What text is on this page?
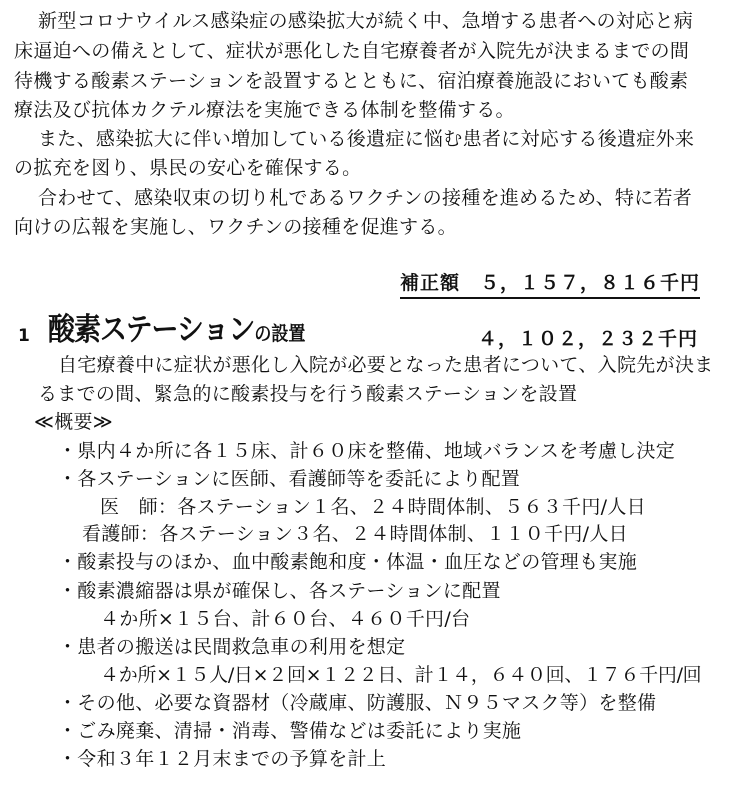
新型コロナウイルス感染症の感染拡大が続く中、急増する患者への対応と病
床逼迫への備えとして、症状が悪化した自宅療養者が入院先が決まるまでの間
待機する酸素ステーションを設置するとともに、宿泊療養施設においても酸素
療法及び抗体カクテル療法を実施できる体制を整備する。
また、感染拡大に伴い増加している後遺症に悩む患者に対応する後遺症外来
の拡充を図り、県民の安心を確保する。
合わせて、感染収束の切り札であるワクチンの接種を進めるため、特に若者
向けの広報を実施し、ワクチンの接種を促進する。
補正額　５，１５７，８１６千円
1 酸素ステーションの設置	４，１０２，２３２千円
自宅療養中に症状が悪化し入院が必要となった患者について、入院先が決ま
るまでの間、緊急的に酸素投与を行う酸素ステーションを設置
≪概要≫
・県内４か所に各１５床、計６０床を整備、地域バランスを考慮し決定
・各ステーションに医師、看護師等を委託により配置
医　師：各ステーション１名、２４時間体制、５６３千円/人日
看護師：各ステーション３名、２４時間体制、１１０千円/人日
・酸素投与のほか、血中酸素飽和度・体温・血圧などの管理も実施
・酸素濃縮器は県が確保し、各ステーションに配置
４か所×１５台、計６０台、４６０千円/台
・患者の搬送は民間救急車の利用を想定
４か所×１５人/日×２回×１２２日、計１４，６４０回、１７６千円/回
・その他、必要な資器材（冷蔵庫、防護服、Ｎ９５マスク等）を整備
・ごみ廃棄、清掃・消毒、警備などは委託により実施
・令和３年１２月末までの予算を計上
